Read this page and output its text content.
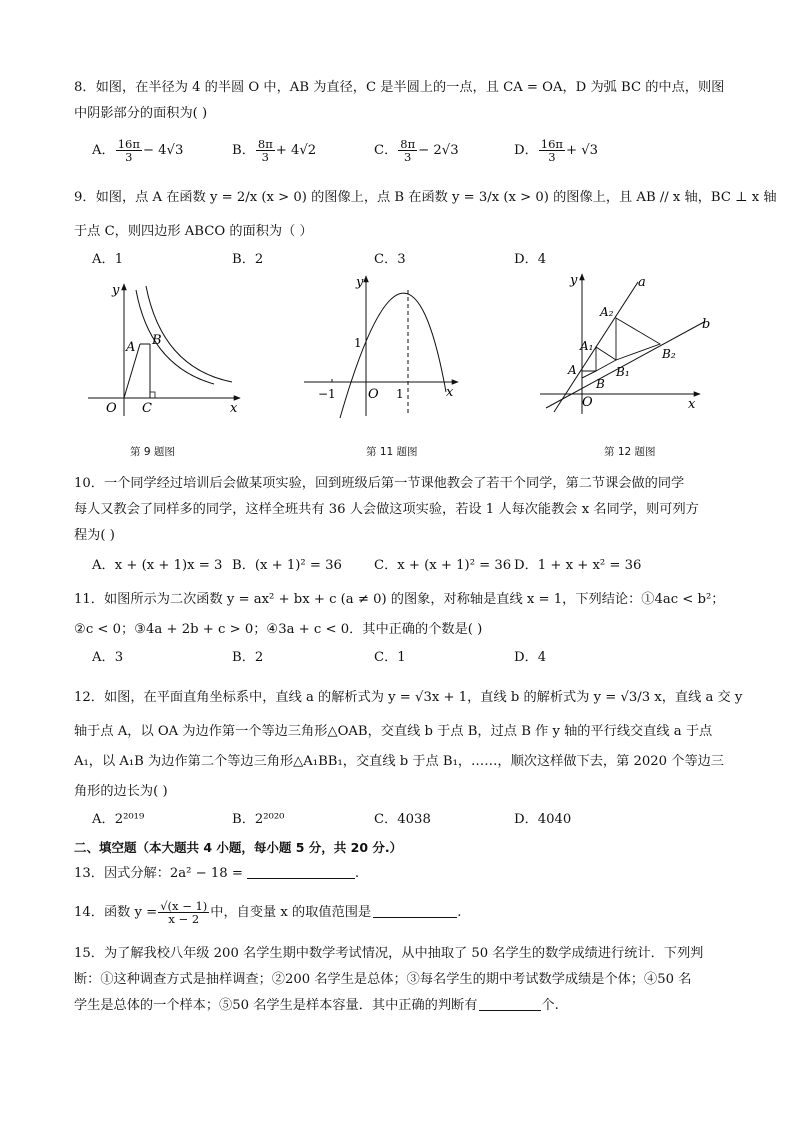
8．如图，在半径为 4 的半圆 O 中，AB 为直径，C 是半圆上的一点，且 CA = OA，D 为弧 BC 的中点，则图
中阴影部分的面积为( )
A． $\frac{16\pi}{3} - 4√3$	B． $\frac{8\pi}{3} + 4√2$	C． $\frac{8\pi}{3} - 2√3$	D． $\frac{16\pi}{3} + √3$
9．如图，点 A 在函数 y = 2/x (x > 0) 的图像上，点 B 在函数 y = 3/x (x > 0) 的图像上，且 AB // x 轴，BC ⊥ x 轴
于点 C，则四边形 ABCO 的面积为（ ）
A．1	B．2	C．3	D．4
y
A B
O C	x
第 9 题图
y
1
−1 O 1	x
第 11 题图
y	a
b
A₂
B₂
A₁
B₁
A
B
O	x
第 12 题图
10．一个同学经过培训后会做某项实验，回到班级后第一节课他教会了若干个同学，第二节课会做的同学
每人又教会了同样多的同学，这样全班共有 36 人会做这项实验，若设 1 人每次能教会 x 名同学，则可列方
程为( )
A．x + (x + 1)x = 3 B．(x + 1)² = 36 C．x + (x + 1)² = 36 D．1 + x + x² = 36
11．如图所示为二次函数 y = ax² + bx + c (a ≠ 0) 的图象，对称轴是直线 x = 1，下列结论：①4ac < b²；
②c < 0；③4a + 2b + c > 0；④3a + c < 0．其中正确的个数是( )
A．3	B．2	C．1	D．4
12．如图，在平面直角坐标系中，直线 a 的解析式为 y = √3x + 1，直线 b 的解析式为 y = √3/3 x，直线 a 交 y
轴于点 A，以 OA 为边作第一个等边三角形△OAB，交直线 b 于点 B，过点 B 作 y 轴的平行线交直线 a 于点
A₁，以 A₁B 为边作第二个等边三角形△A₁BB₁，交直线 b 于点 B₁，……，顺次这样做下去，第 2020 个等边三
角形的边长为( )
A．2²⁰¹⁹	B．2²⁰²⁰	C．4038	D．4040
二、填空题（本大题共 4 小题，每小题 5 分，共 20 分.）
13．因式分解：2a² − 18 =	.
14．函数 $y = \frac{√(x - 1)}{x - 2}$ 中，自变量 x 的取值范围是	.
15．为了解我校八年级 200 名学生期中数学考试情况，从中抽取了 50 名学生的数学成绩进行统计．下列判
断：①这种调查方式是抽样调查；②200 名学生是总体；③每名学生的期中考试数学成绩是个体；④50 名
学生是总体的一个样本；⑤50 名学生是样本容量．其中正确的判断有	个.
